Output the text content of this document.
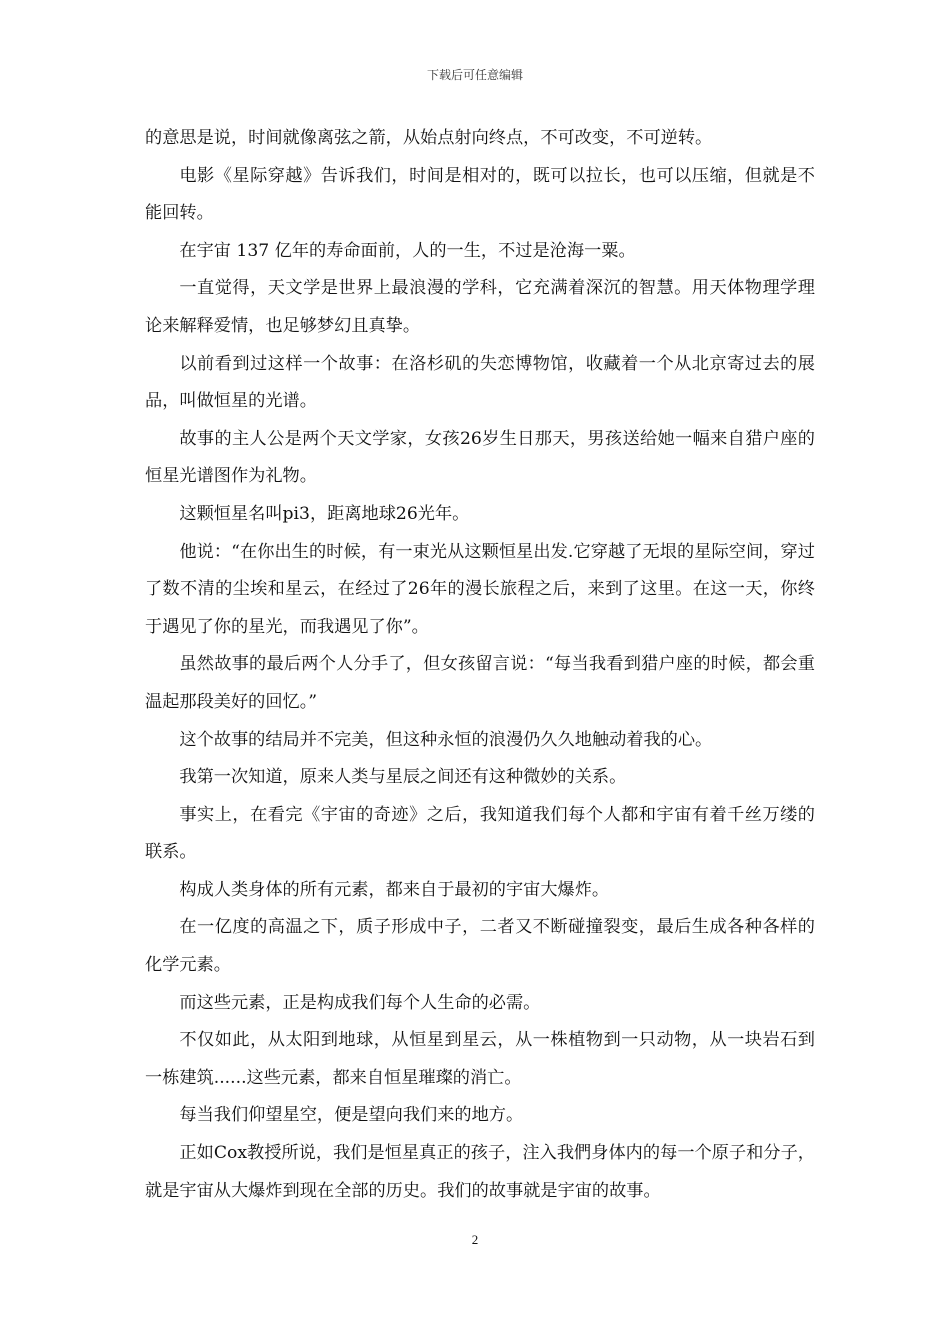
下载后可任意编辑

的意思是说，时间就像离弦之箭，从始点射向终点，不可改变，不可逆转。

电影《星际穿越》告诉我们，时间是相对的，既可以拉长，也可以压缩，但就是不能回转。

在宇宙 137 亿年的寿命面前，人的一生，不过是沧海一粟。

一直觉得，天文学是世界上最浪漫的学科，它充满着深沉的智慧。用天体物理学理论来解释爱情，也足够梦幻且真挚。

以前看到过这样一个故事：在洛杉矶的失恋博物馆，收藏着一个从北京寄过去的展品，叫做恒星的光谱。

故事的主人公是两个天文学家，女孩26岁生日那天，男孩送给她一幅来自猎户座的恒星光谱图作为礼物。

这颗恒星名叫pi3，距离地球26光年。

他说：“在你出生的时候，有一束光从这颗恒星出发.它穿越了无垠的星际空间，穿过了数不清的尘埃和星云，在经过了26年的漫长旅程之后，来到了这里。在这一天，你终于遇见了你的星光，而我遇见了你”。

虽然故事的最后两个人分手了，但女孩留言说：“每当我看到猎户座的时候，都会重温起那段美好的回忆。”

这个故事的结局并不完美，但这种永恒的浪漫仍久久地触动着我的心。

我第一次知道，原来人类与星辰之间还有这种微妙的关系。

事实上，在看完《宇宙的奇迹》之后，我知道我们每个人都和宇宙有着千丝万缕的联系。

构成人类身体的所有元素，都来自于最初的宇宙大爆炸。

在一亿度的高温之下，质子形成中子，二者又不断碰撞裂变，最后生成各种各样的化学元素。

而这些元素，正是构成我们每个人生命的必需。

不仅如此，从太阳到地球，从恒星到星云，从一株植物到一只动物，从一块岩石到一栋建筑......这些元素，都来自恒星璀璨的消亡。

每当我们仰望星空，便是望向我们来的地方。

正如Cox教授所说，我们是恒星真正的孩子，注入我們身体内的每一个原子和分子，就是宇宙从大爆炸到现在全部的历史。我们的故事就是宇宙的故事。

2
